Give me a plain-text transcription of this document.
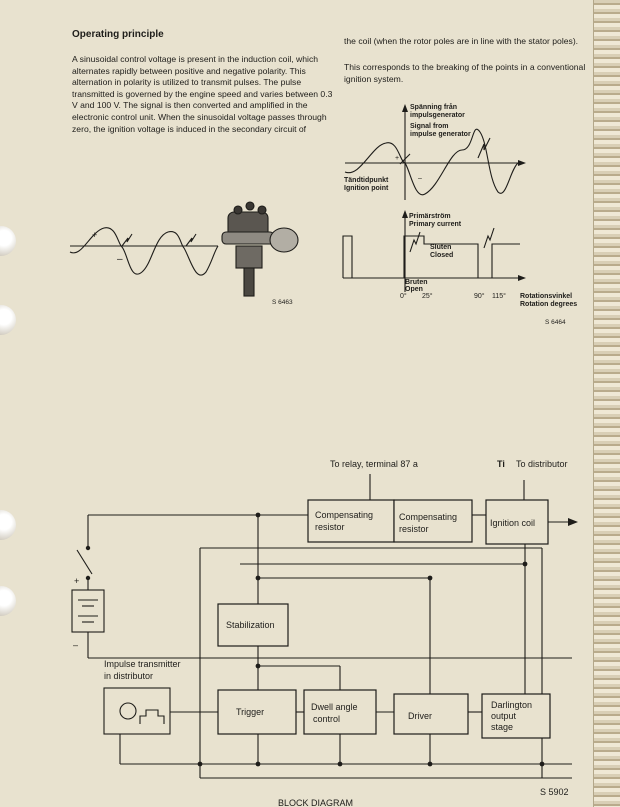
Operating principle

A sinusoidal control voltage is present in the induction coil, which alternates rapidly between positive and negative polarity. This alternation in polarity is utilized to transmit pulses. The pulse transmitted is governed by the engine speed and varies between 0.3 V and 100 V. The signal is then converted and amplified in the electronic control unit. When the sinusoidal voltage passes through zero, the ignition voltage is induced in the secondary circuit of

the coil (when the rotor poles are in line with the stator poles).

This corresponds to the breaking of the points in a conventional ignition system.

Spänning från
impulsgenerator
Signal from
impulse generator
Tändtidpunkt
Ignition point
+
–
+
–
S 6463
Primärström
Primary current
Sluten
Closed
Bruten
Open
0° 25°	90° 115° Rotationsvinkel
Rotation degrees
S 6464
To relay, terminal 87 a	Ti To distributor
+
–
Compensating
resistor
Compensating
resistor
Ignition coil
Stabilization
Trigger	Dwell angle
control	Driver
Darlington
output
stage
Impulse transmitter
in distributor
BLOCK DIAGRAM
S 5902
